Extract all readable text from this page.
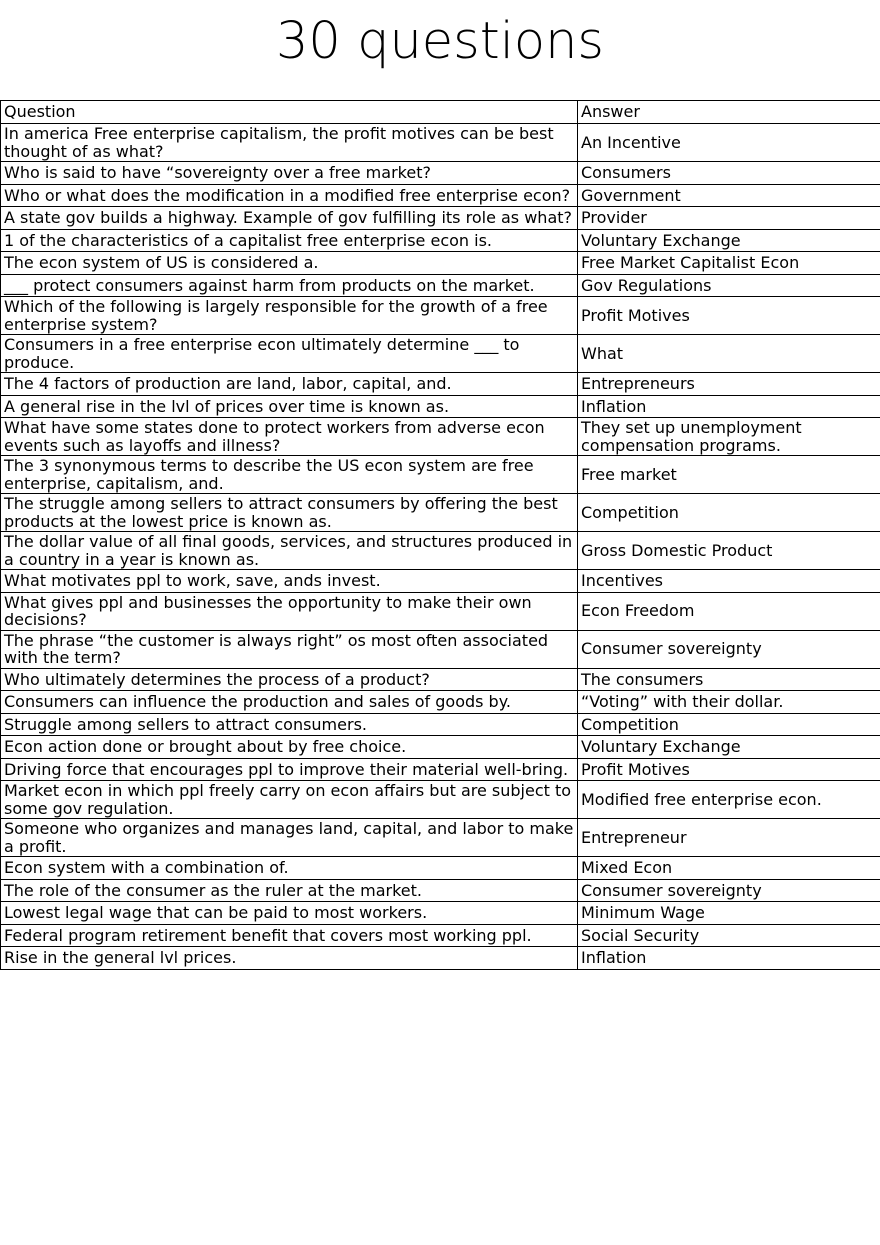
30 questions
Question	Answer
In america Free enterprise capitalism, the profit motives can be best thought of as what?	An Incentive
Who is said to have “sovereignty over a free market?	Consumers
Who or what does the modification in a modified free enterprise econ?	Government
A state gov builds a highway. Example of gov fulfilling its role as what?	Provider
1 of the characteristics of a capitalist free enterprise econ is.	Voluntary Exchange
The econ system of US is considered a.	Free Market Capitalist Econ
___ protect consumers against harm from products on the market.	Gov Regulations
Which of the following is largely responsible for the growth of a free enterprise system?	Profit Motives
Consumers in a free enterprise econ ultimately determine ___ to produce.	What
The 4 factors of production are land, labor, capital, and.	Entrepreneurs
A general rise in the lvl of prices over time is known as.	Inflation
What have some states done to protect workers from adverse econ events such as layoffs and illness?	They set up unemployment compensation programs.
The 3 synonymous terms to describe the US econ system are free enterprise, capitalism, and.	Free market
The struggle among sellers to attract consumers by offering the best products at the lowest price is known as.	Competition
The dollar value of all final goods, services, and structures produced in a country in a year is known as.	Gross Domestic Product
What motivates ppl to work, save, ands invest.	Incentives
What gives ppl and businesses the opportunity to make their own decisions?	Econ Freedom
The phrase “the customer is always right” os most often associated with the term?	Consumer sovereignty
Who ultimately determines the process of a product?	The consumers
Consumers can influence the production and sales of goods by.	“Voting” with their dollar.
Struggle among sellers to attract consumers.	Competition
Econ action done or brought about by free choice.	Voluntary Exchange
Driving force that encourages ppl to improve their material well-bring.	Profit Motives
Market econ in which ppl freely carry on econ affairs but are subject to some gov regulation.	Modified free enterprise econ.
Someone who organizes and manages land, capital, and labor to make a profit.	Entrepreneur
Econ system with a combination of.	Mixed Econ
The role of the consumer as the ruler at the market.	Consumer sovereignty
Lowest legal wage that can be paid to most workers.	Minimum Wage
Federal program retirement benefit that covers most working ppl.	Social Security
Rise in the general lvl prices.	Inflation
